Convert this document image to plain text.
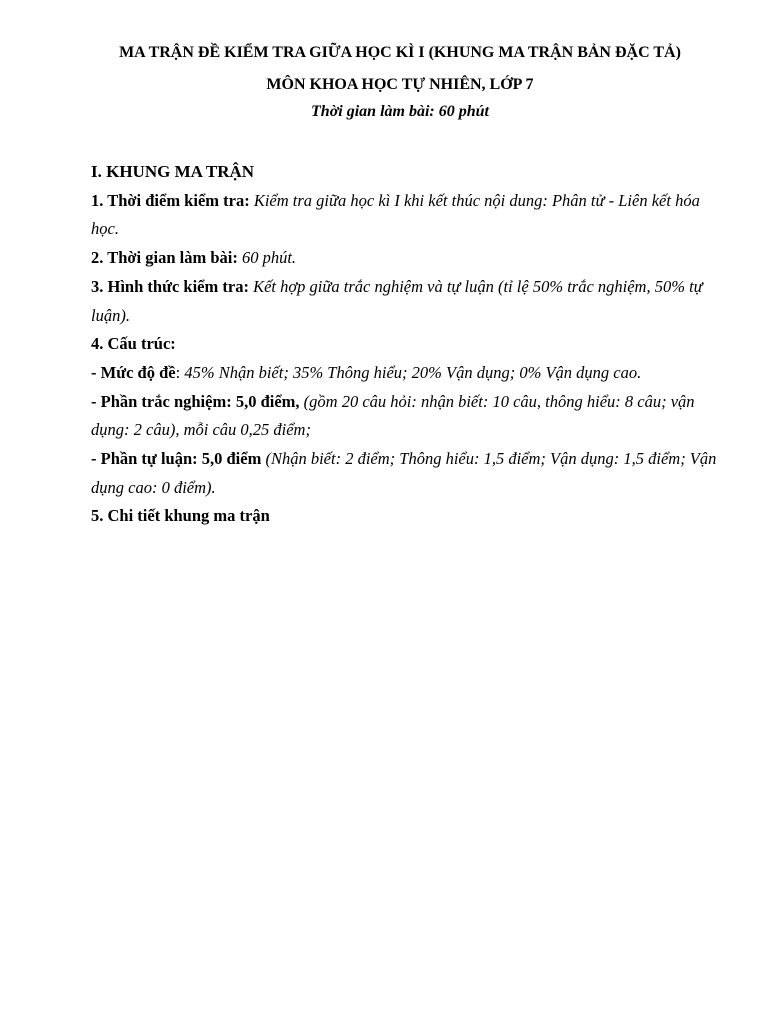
MA TRẬN ĐỀ KIỂM TRA GIỮA HỌC KÌ I (KHUNG MA TRẬN BẢN ĐẶC TẢ)
MÔN KHOA HỌC TỰ NHIÊN, LỚP 7
Thời gian làm bài: 60 phút

I. KHUNG MA TRẬN

1. Thời điểm kiểm tra: Kiểm tra giữa học kì I khi kết thúc nội dung: Phân tử - Liên kết hóa học.

2. Thời gian làm bài: 60 phút.

3. Hình thức kiểm tra: Kết hợp giữa trắc nghiệm và tự luận (tỉ lệ 50% trắc nghiệm, 50% tự luận).

4. Cấu trúc:

- Mức độ đề: 45% Nhận biết; 35% Thông hiểu; 20% Vận dụng; 0% Vận dụng cao.

- Phần trắc nghiệm: 5,0 điểm, (gồm 20 câu hỏi: nhận biết: 10 câu, thông hiểu: 8 câu; vận dụng: 2 câu), mỗi câu 0,25 điểm;

- Phần tự luận: 5,0 điểm (Nhận biết: 2 điểm; Thông hiểu: 1,5 điểm; Vận dụng: 1,5 điểm; Vận dụng cao: 0 điểm).

5. Chi tiết khung ma trận
